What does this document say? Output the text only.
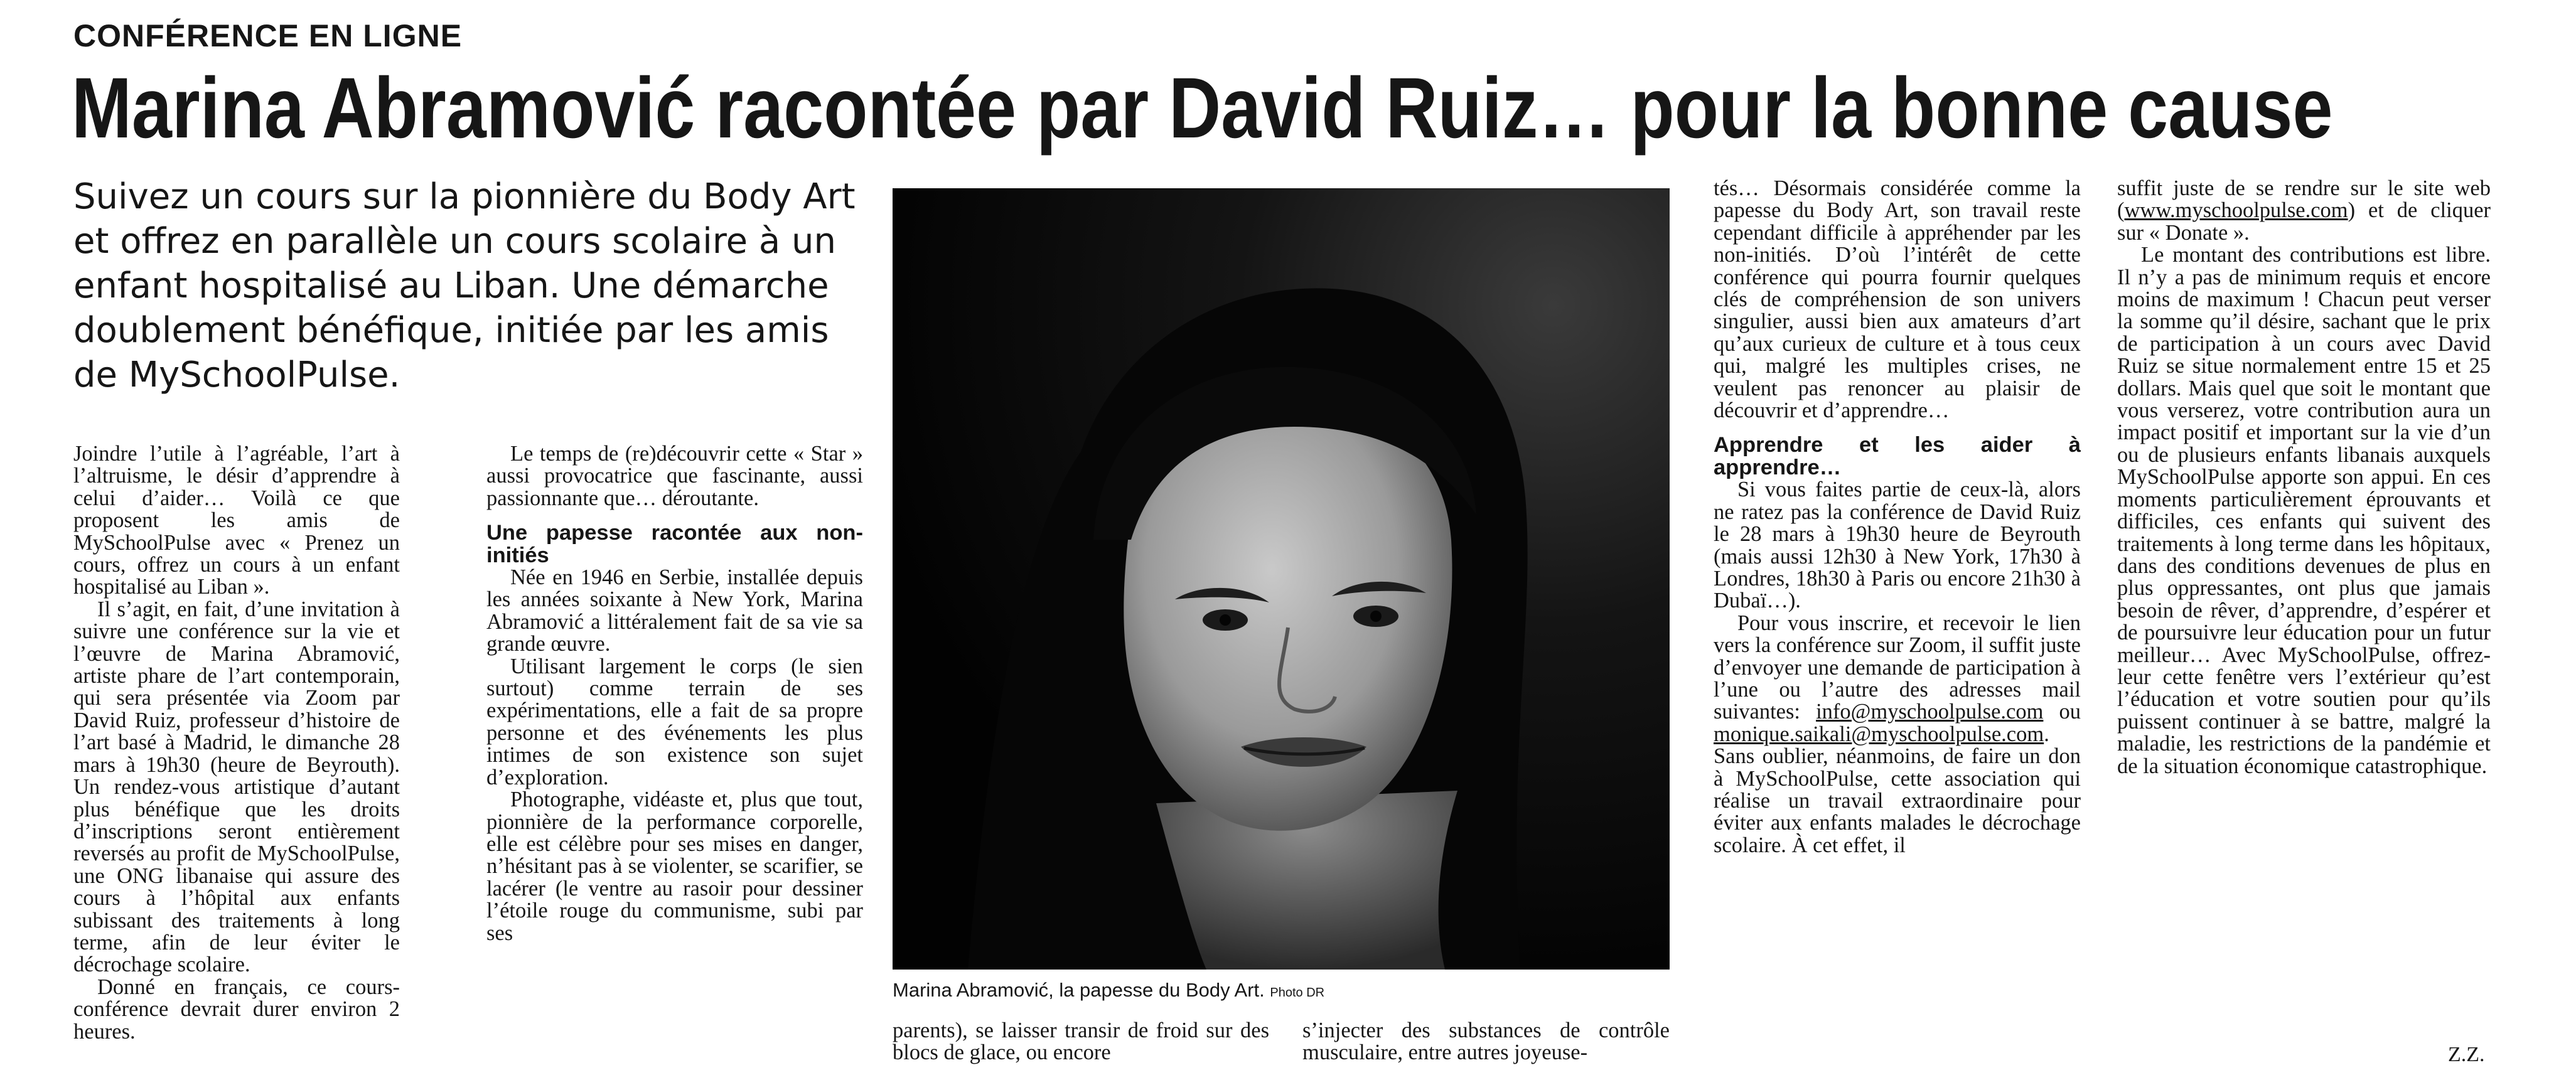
CONFÉRENCE EN LIGNE
Marina Abramović racontée par David Ruiz… pour la bonne cause
Suivez un cours sur la pionnière du Body Art et offrez en parallèle un cours scolaire à un enfant hospitalisé au Liban. Une démarche doublement bénéfique, initiée par les amis de MySchoolPulse.

Joindre l’utile à l’agréable, l’art à l’altruisme, le désir d’apprendre à celui d’aider… Voilà ce que proposent les amis de MySchoolPulse avec « Prenez un cours, offrez un cours à un enfant hospitalisé au Liban ».

Il s’agit, en fait, d’une invitation à suivre une conférence sur la vie et l’œuvre de Marina Abramović, artiste phare de l’art contemporain, qui sera présentée via Zoom par David Ruiz, professeur d’histoire de l’art basé à Madrid, le dimanche 28 mars à 19h30 (heure de Beyrouth). Un rendez-vous artistique d’autant plus bénéfique que les droits d’inscriptions seront entièrement reversés au profit de MySchoolPulse, une ONG libanaise qui assure des cours à l’hôpital aux enfants subissant des traitements à long terme, afin de leur éviter le décrochage scolaire.

Donné en français, ce cours-conférence devrait durer environ 2 heures.

Le temps de (re)découvrir cette « Star » aussi provocatrice que fascinante, aussi passionnante que… déroutante.

Une papesse racontée aux non-initiés

Née en 1946 en Serbie, installée depuis les années soixante à New York, Marina Abramović a littéralement fait de sa vie sa grande œuvre.

Utilisant largement le corps (le sien surtout) comme terrain de ses expérimentations, elle a fait de sa propre personne et des événements les plus intimes de son existence son sujet d’exploration.

Photographe, vidéaste et, plus que tout, pionnière de la performance corporelle, elle est célèbre pour ses mises en danger, n’hésitant pas à se violenter, se scarifier, se lacérer (le ventre au rasoir pour dessiner l’étoile rouge du communisme, subi par ses

Marina Abramović, la papesse du Body Art. Photo DR

parents), se laisser transir de froid sur des blocs de glace, ou encore

s’injecter des substances de contrôle musculaire, entre autres joyeuse-

tés… Désormais considérée comme la papesse du Body Art, son travail reste cependant difficile à appréhender par les non-initiés. D’où l’intérêt de cette conférence qui pourra fournir quelques clés de compréhension de son univers singulier, aussi bien aux amateurs d’art qu’aux curieux de culture et à tous ceux qui, malgré les multiples crises, ne veulent pas renoncer au plaisir de découvrir et d’apprendre…

Apprendre et les aider à apprendre…

Si vous faites partie de ceux-là, alors ne ratez pas la conférence de David Ruiz le 28 mars à 19h30 heure de Beyrouth (mais aussi 12h30 à New York, 17h30 à Londres, 18h30 à Paris ou encore 21h30 à Dubaï…).

Pour vous inscrire, et recevoir le lien vers la conférence sur Zoom, il suffit juste d’envoyer une demande de participation à l’une ou l’autre des adresses mail suivantes: info@myschoolpulse.com ou monique.saikali@myschoolpulse.com. Sans oublier, néanmoins, de faire un don à MySchoolPulse, cette association qui réalise un travail extraordinaire pour éviter aux enfants malades le décrochage scolaire. À cet effet, il

suffit juste de se rendre sur le site web (www.myschoolpulse.com) et de cliquer sur « Donate ».

Le montant des contributions est libre. Il n’y a pas de minimum requis et encore moins de maximum ! Chacun peut verser la somme qu’il désire, sachant que le prix de participation à un cours avec David Ruiz se situe normalement entre 15 et 25 dollars. Mais quel que soit le montant que vous verserez, votre contribution aura un impact positif et important sur la vie d’un ou de plusieurs enfants libanais auxquels MySchoolPulse apporte son appui. En ces moments particulièrement éprouvants et difficiles, ces enfants qui suivent des traitements à long terme dans les hôpitaux, dans des conditions devenues de plus en plus oppressantes, ont plus que jamais besoin de rêver, d’apprendre, d’espérer et de poursuivre leur éducation pour un futur meilleur… Avec MySchoolPulse, offrez-leur cette fenêtre vers l’extérieur qu’est l’éducation et votre soutien pour qu’ils puissent continuer à se battre, malgré la maladie, les restrictions de la pandémie et de la situation économique catastrophique.

Z.Z.
